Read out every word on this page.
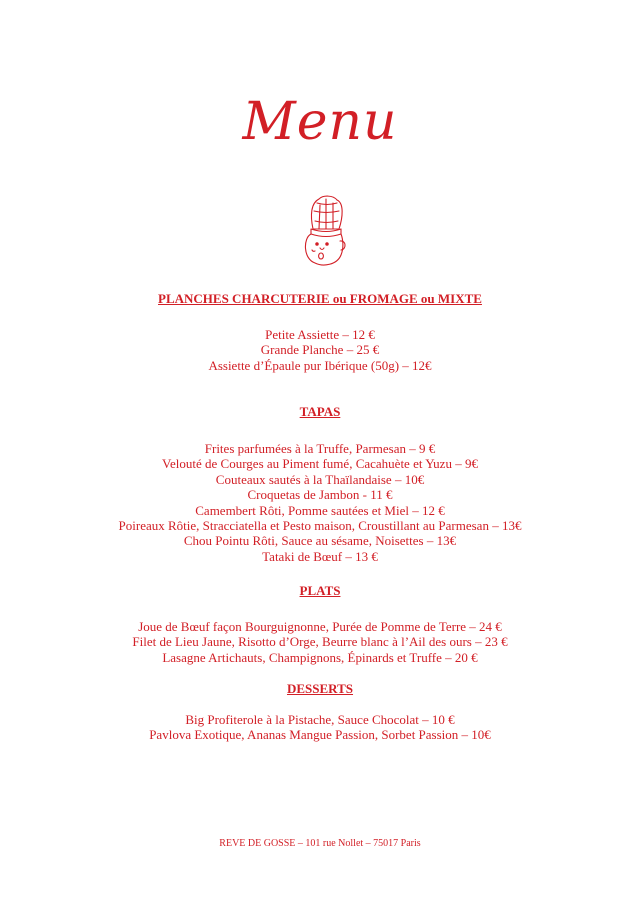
Menu
PLANCHES CHARCUTERIE ou FROMAGE ou MIXTE
Petite Assiette – 12 €
Grande Planche – 25 €
Assiette d’Épaule pur Ibérique (50g) – 12€
TAPAS
Frites parfumées à la Truffe, Parmesan – 9 €
Velouté de Courges au Piment fumé, Cacahuète et Yuzu – 9€
Couteaux sautés à la Thaïlandaise – 10€
Croquetas de Jambon - 11 €
Camembert Rôti, Pomme sautées et Miel – 12 €
Poireaux Rôtie, Stracciatella et Pesto maison, Croustillant au Parmesan – 13€
Chou Pointu Rôti, Sauce au sésame, Noisettes – 13€
Tataki de Bœuf – 13 €
PLATS
Joue de Bœuf façon Bourguignonne, Purée de Pomme de Terre – 24 €
Filet de Lieu Jaune, Risotto d’Orge, Beurre blanc à l’Ail des ours – 23 €
Lasagne Artichauts, Champignons, Épinards et Truffe – 20 €
DESSERTS
Big Profiterole à la Pistache, Sauce Chocolat – 10 €
Pavlova Exotique, Ananas Mangue Passion, Sorbet Passion – 10€
REVE DE GOSSE – 101 rue Nollet – 75017 Paris
